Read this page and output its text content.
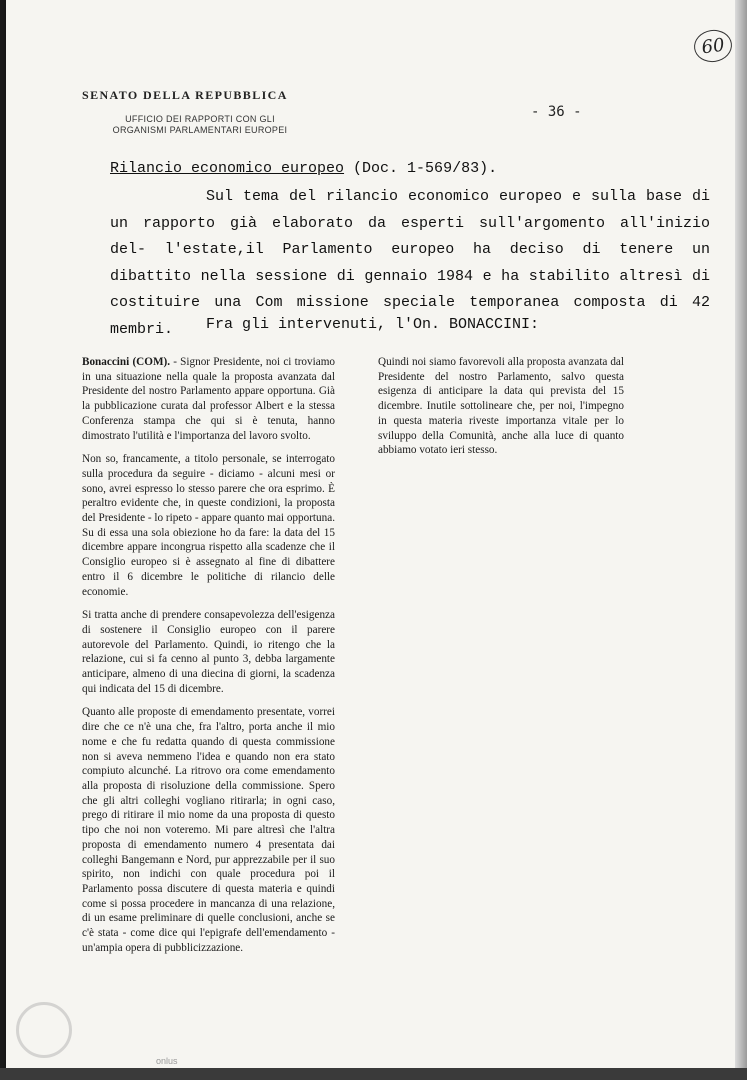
60
SENATO DELLA REPUBBLICA
UFFICIO DEI RAPPORTI CON GLI
ORGANISMI PARLAMENTARI EUROPEI
- 36 -
Rilancio economico europeo (Doc. 1-569/83).

Sul tema del rilancio economico europeo e sulla base di un rapporto già elaborato da esperti sull'argomento all'inizio del- l'estate,il Parlamento europeo ha deciso di tenere un dibattito nella sessione di gennaio 1984 e ha stabilito altresì di costituire una Com missione speciale temporanea composta di 42 membri.	Fra gli intervenuti, l'On. BONACCINI:

Bonaccini (COM). - Signor Presidente, noi ci troviamo in una situazione nella quale la proposta avanzata dal Presidente del nostro Parlamento appare opportuna. Già la pubblicazione curata dal professor Albert e la stessa Conferenza stampa che qui si è tenuta, hanno dimostrato l'utilità e l'importanza del lavoro svolto.

Non so, francamente, a titolo personale, se interrogato sulla procedura da seguire - diciamo - alcuni mesi or sono, avrei espresso lo stesso parere che ora esprimo. È peraltro evidente che, in queste condizioni, la proposta del Presidente - lo ripeto - appare quanto mai opportuna. Su di essa una sola obiezione ho da fare: la data del 15 dicembre appare incongrua rispetto alla scadenze che il Consiglio europeo si è assegnato al fine di dibattere entro il 6 dicembre le politiche di rilancio delle economie.

Si tratta anche di prendere consapevolezza dell'esigenza di sostenere il Consiglio europeo con il parere autorevole del Parlamento. Quindi, io ritengo che la relazione, cui si fa cenno al punto 3, debba largamente anticipare, almeno di una diecina di giorni, la scadenza qui indicata del 15 di dicembre.

Quanto alle proposte di emendamento presentate, vorrei dire che ce n'è una che, fra l'altro, porta anche il mio nome e che fu redatta quando di questa commissione non si aveva nemmeno l'idea e quando non era stato compiuto alcunché. La ritrovo ora come emendamento alla proposta di risoluzione della commissione. Spero che gli altri colleghi vogliano ritirarla; in ogni caso, prego di ritirare il mio nome da una proposta di questo tipo che noi non voteremo. Mi pare altresì che l'altra proposta di emendamento numero 4 presentata dai colleghi Bangemann e Nord, pur apprezzabile per il suo spirito, non indichi con quale procedura poi il Parlamento possa discutere di questa materia e quindi come si possa procedere in mancanza di una relazione, di un esame preliminare di quelle conclusioni, anche se c'è stata - come dice qui l'epigrafe dell'emendamento - un'ampia opera di pubblicizzazione.

Quindi noi siamo favorevoli alla proposta avanzata dal Presidente del nostro Parlamento, salvo questa esigenza di anticipare la data qui prevista del 15 dicembre. Inutile sottolineare che, per noi, l'impegno in questa materia riveste importanza vitale per lo sviluppo della Comunità, anche alla luce di quanto abbiamo votato ieri stesso.

onlus
